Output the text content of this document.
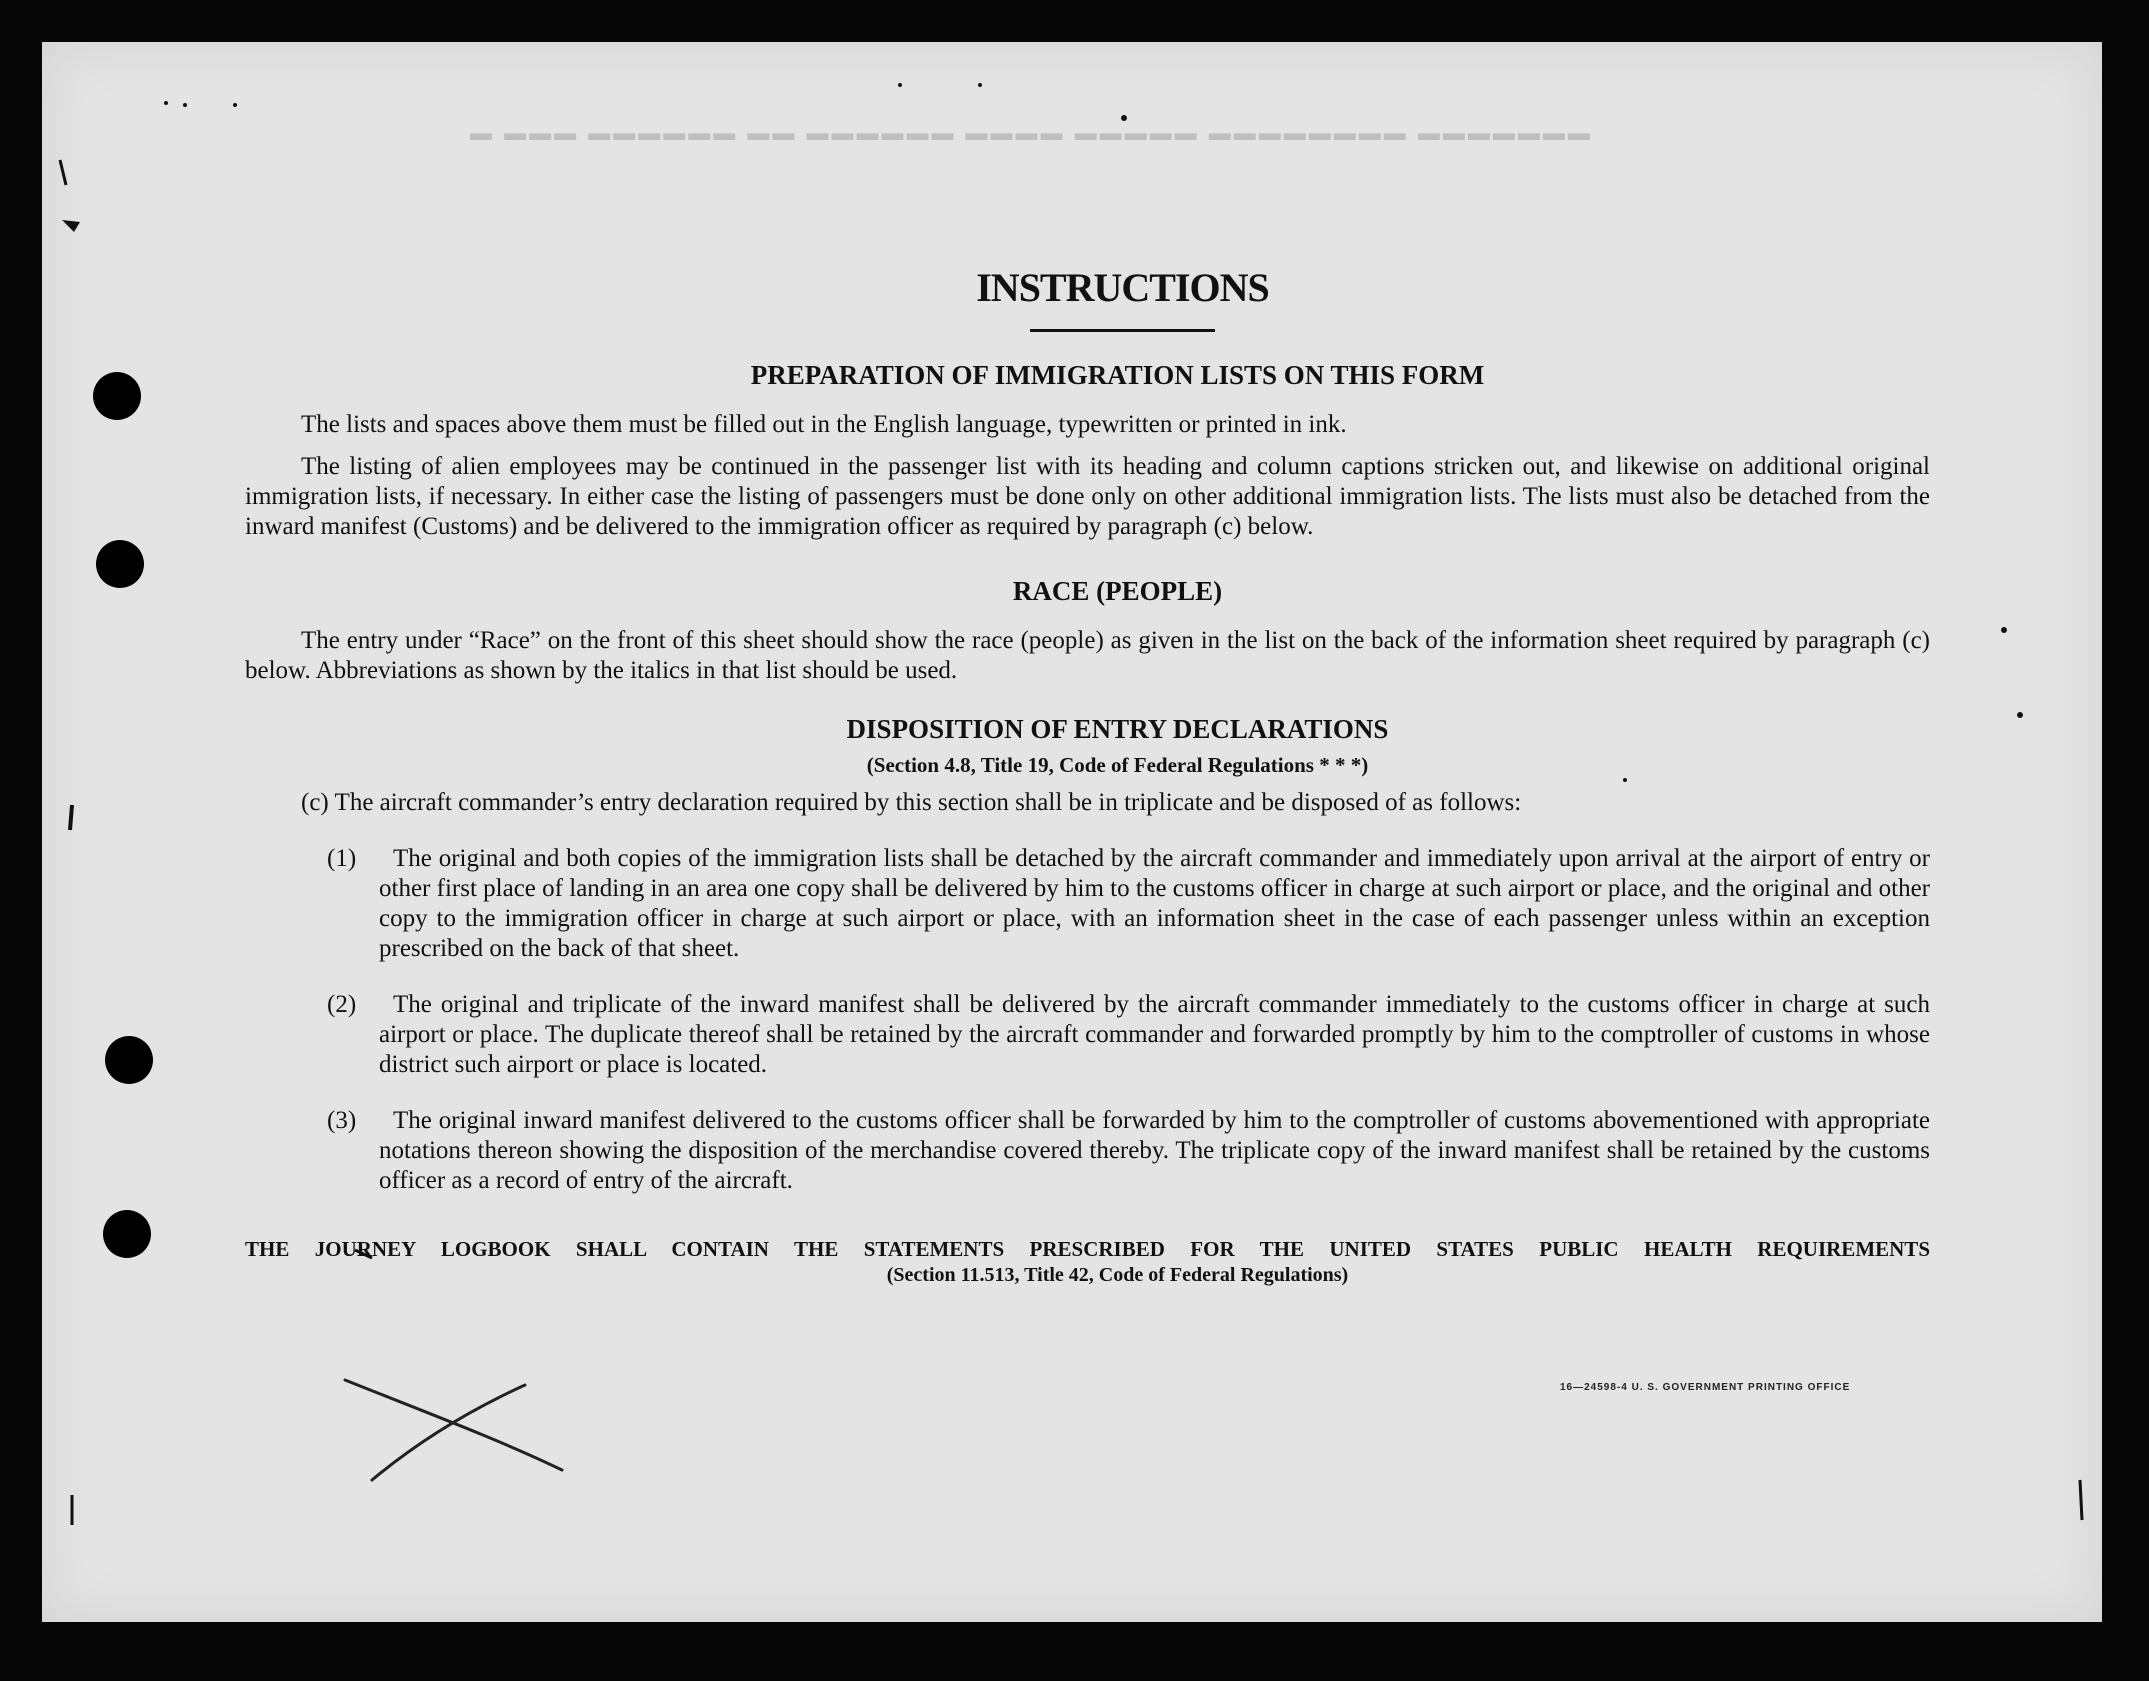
▬ ▬▬▬ ▬▬▬▬▬▬ ▬▬ ▬▬▬▬▬▬ ▬▬▬▬ ▬▬▬▬▬ ▬▬▬▬▬▬▬▬ ▬▬▬▬▬▬▬
INSTRUCTIONS
PREPARATION OF IMMIGRATION LISTS ON THIS FORM

The lists and spaces above them must be filled out in the English language, typewritten or printed in ink.

The listing of alien employees may be continued in the passenger list with its heading and column captions stricken out, and likewise on additional original immigration lists, if necessary. In either case the listing of passengers must be done only on other additional immigration lists. The lists must also be detached from the inward manifest (Customs) and be delivered to the immigration officer as required by paragraph (c) below.

RACE (PEOPLE)

The entry under “Race” on the front of this sheet should show the race (people) as given in the list on the back of the information sheet required by paragraph (c) below. Abbreviations as shown by the italics in that list should be used.

DISPOSITION OF ENTRY DECLARATIONS
(Section 4.8, Title 19, Code of Federal Regulations * * *)

(c) The aircraft commander’s entry declaration required by this section shall be in triplicate and be disposed of as follows:

(1) The original and both copies of the immigration lists shall be detached by the aircraft commander and immediately upon arrival at the airport of entry or other first place of landing in an area one copy shall be delivered by him to the customs officer in charge at such airport or place, and the original and other copy to the immigration officer in charge at such airport or place, with an information sheet in the case of each passenger unless within an exception prescribed on the back of that sheet.
(2) The original and triplicate of the inward manifest shall be delivered by the aircraft commander immediately to the customs officer in charge at such airport or place. The duplicate thereof shall be retained by the aircraft commander and forwarded promptly by him to the comptroller of customs in whose district such airport or place is located.
(3) The original inward manifest delivered to the customs officer shall be forwarded by him to the comptroller of customs abovementioned with appropriate notations thereon showing the disposition of the merchandise covered thereby. The triplicate copy of the inward manifest shall be retained by the customs officer as a record of entry of the aircraft.
THE JOURNEY LOGBOOK SHALL CONTAIN THE STATEMENTS PRESCRIBED FOR THE UNITED STATES PUBLIC HEALTH REQUIREMENTS
(Section 11.513, Title 42, Code of Federal Regulations)
16—24598-4 U. S. GOVERNMENT PRINTING OFFICE
